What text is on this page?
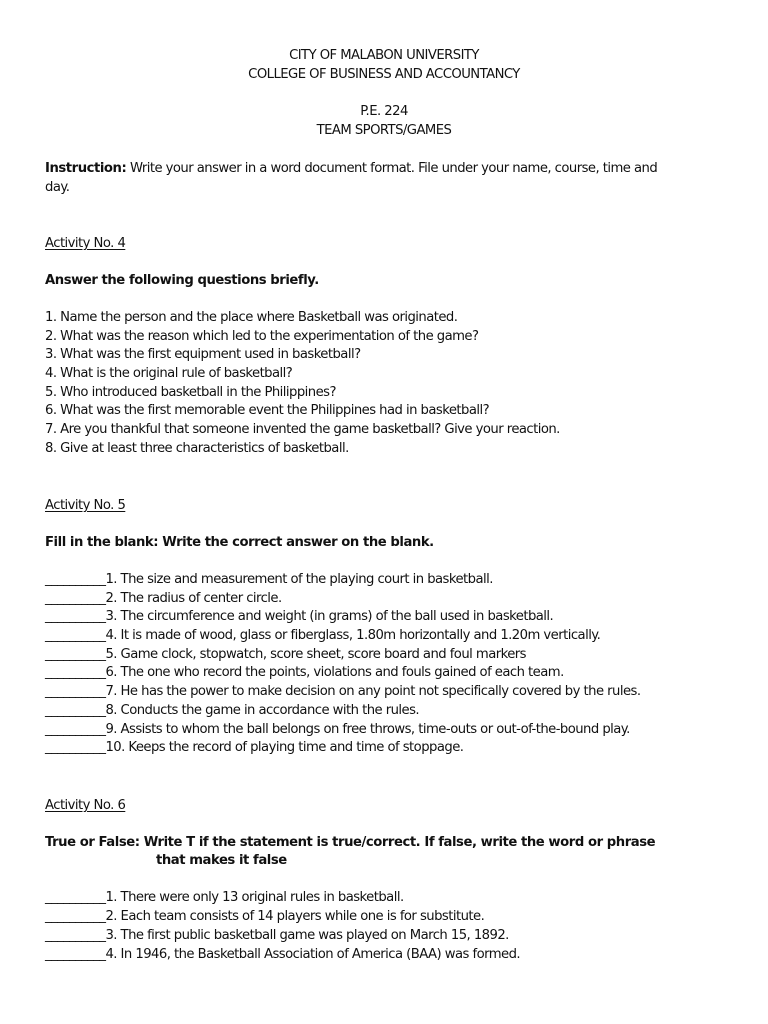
CITY OF MALABON UNIVERSITY
COLLEGE OF BUSINESS AND ACCOUNTANCY
P.E. 224
TEAM SPORTS/GAMES
Instruction: Write your answer in a word document format. File under your name, course, time and
day.
Activity No. 4
Answer the following questions briefly.
1. Name the person and the place where Basketball was originated.
2. What was the reason which led to the experimentation of the game?
3. What was the first equipment used in basketball?
4. What is the original rule of basketball?
5. Who introduced basketball in the Philippines?
6. What was the first memorable event the Philippines had in basketball?
7. Are you thankful that someone invented the game basketball? Give your reaction.
8. Give at least three characteristics of basketball.
Activity No. 5
Fill in the blank: Write the correct answer on the blank.
__________1. The size and measurement of the playing court in basketball.
__________2. The radius of center circle.
__________3. The circumference and weight (in grams) of the ball used in basketball.
__________4. It is made of wood, glass or fiberglass, 1.80m horizontally and 1.20m vertically.
__________5. Game clock, stopwatch, score sheet, score board and foul markers
__________6. The one who record the points, violations and fouls gained of each team.
__________7. He has the power to make decision on any point not specifically covered by the rules.
__________8. Conducts the game in accordance with the rules.
__________9. Assists to whom the ball belongs on free throws, time-outs or out-of-the-bound play.
__________10. Keeps the record of playing time and time of stoppage.
Activity No. 6
True or False: Write T if the statement is true/correct. If false, write the word or phrase
that makes it false
__________1. There were only 13 original rules in basketball.
__________2. Each team consists of 14 players while one is for substitute.
__________3. The first public basketball game was played on March 15, 1892.
__________4. In 1946, the Basketball Association of America (BAA) was formed.
